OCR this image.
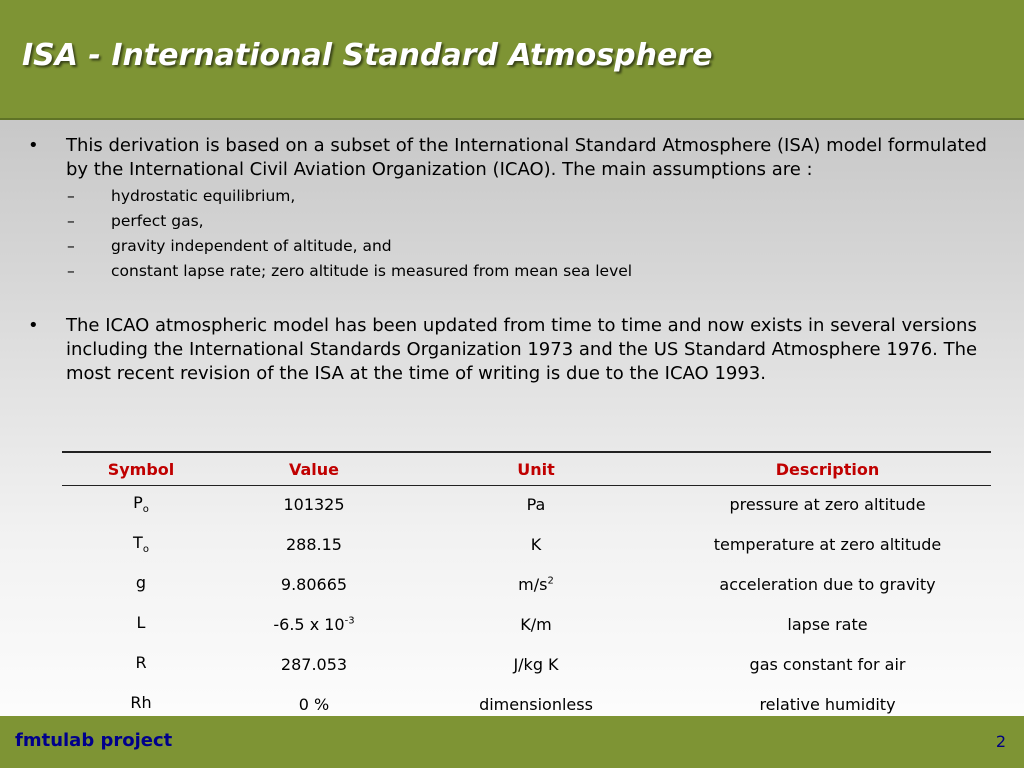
ISA - International Standard Atmosphere
•	This derivation is based on a subset of the International Standard Atmosphere (ISA) model formulated by the International Civil Aviation Organization (ICAO). The main assumptions are :
–	hydrostatic equilibrium,
–	perfect gas,
–	gravity independent of altitude, and
–	constant lapse rate; zero altitude is measured from mean sea level
•	The ICAO atmospheric model has been updated from time to time and now exists in several versions including the International Standards Organization 1973 and the US Standard Atmosphere 1976. The most recent revision of the ISA at the time of writing is due to the ICAO 1993.
Symbol	Value	Unit	Description
$P_o$	101325	Pa	pressure at zero altitude
$T_o$	288.15	K	temperature at zero altitude
g	9.80665	$m/s^2$	acceleration due to gravity
L	-6.5 x $10^{-3}$	K/m	lapse rate
R	287.053	J/kg K	gas constant for air
Rh	0 %	dimensionless	relative humidity
fmtulab project	2
